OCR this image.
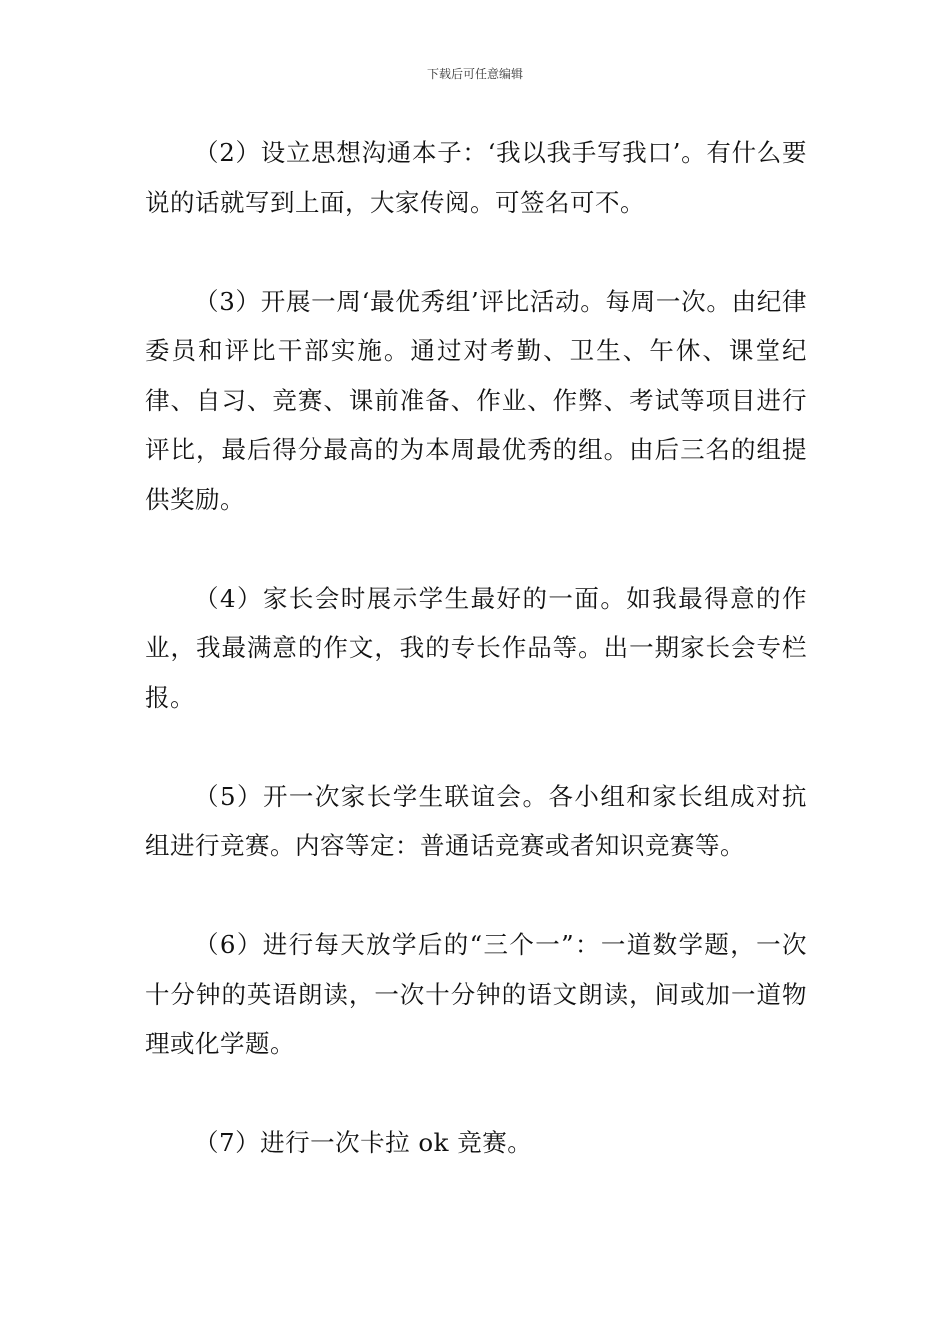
下载后可任意编辑

（2）设立思想沟通本子：‘我以我手写我口’。有什么要说的话就写到上面，大家传阅。可签名可不。

（3）开展一周‘最优秀组’评比活动。每周一次。由纪律委员和评比干部实施。通过对考勤、卫生、午休、课堂纪律、自习、竞赛、课前准备、作业、作弊、考试等项目进行评比，最后得分最高的为本周最优秀的组。由后三名的组提供奖励。

（4）家长会时展示学生最好的一面。如我最得意的作业，我最满意的作文，我的专长作品等。出一期家长会专栏报。

（5）开一次家长学生联谊会。各小组和家长组成对抗组进行竞赛。内容等定：普通话竞赛或者知识竞赛等。

（6）进行每天放学后的“三个一”：一道数学题，一次十分钟的英语朗读，一次十分钟的语文朗读，间或加一道物理或化学题。

（7）进行一次卡拉 ok 竞赛。
